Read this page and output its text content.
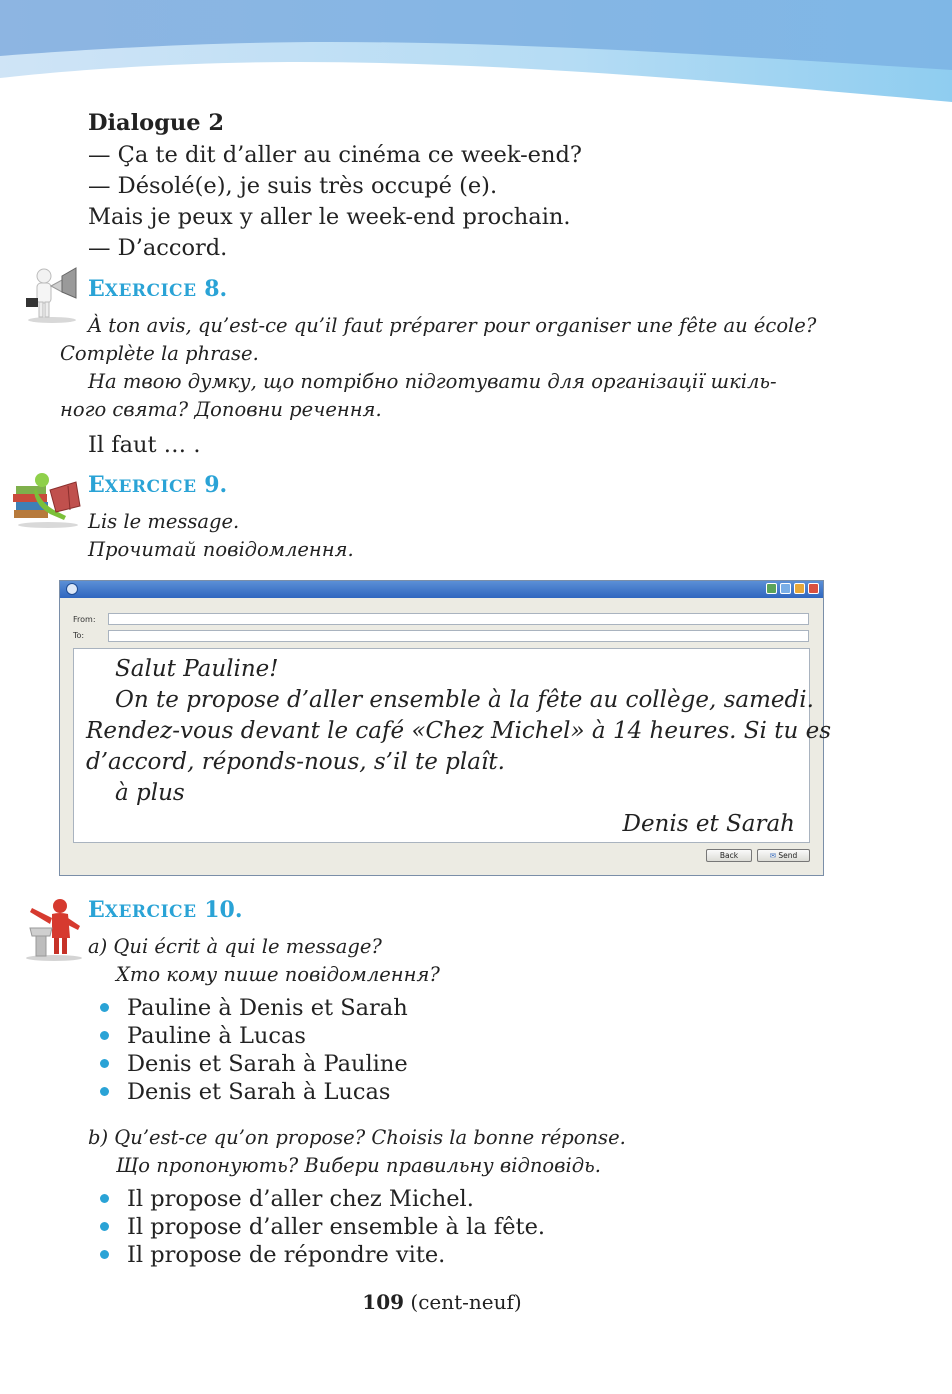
Dialogue 2
— Ça te dit d’aller au cinéma ce week-end?
— Désolé(e), je suis très occupé (e).
Mais je peux y aller le week-end prochain.
— D’accord.
EXERCICE 8.
À ton avis, qu’est-ce qu’il faut préparer pour organiser une fête au école?
Complète la phrase.
На твою думку, що потрібно підготувати для організації шкіль-
ного свята? Доповни речення.
Il faut … .
EXERCICE 9.
Lis le message.
Прочитай повідомлення.
From:
To:
Salut Pauline!
On te propose d’aller ensemble à la fête au collège, samedi.
Rendez-vous devant le café «Chez Michel» à 14 heures. Si tu es
d’accord, réponds-nous, s’il te plaît.
à plus
Denis et Sarah
Back	✉ Send
EXERCICE 10.
a) Qui écrit à qui le message?
Хто кому пише повідомлення?
Pauline à Denis et Sarah
Pauline à Lucas
Denis et Sarah à Pauline
Denis et Sarah à Lucas
b) Qu’est-ce qu’on propose? Choisis la bonne réponse.
Що пропонують? Вибери правильну відповідь.
Il propose d’aller chez Michel.
Il propose d’aller ensemble à la fête.
Il propose de répondre vite.
109 (cent-neuf)
